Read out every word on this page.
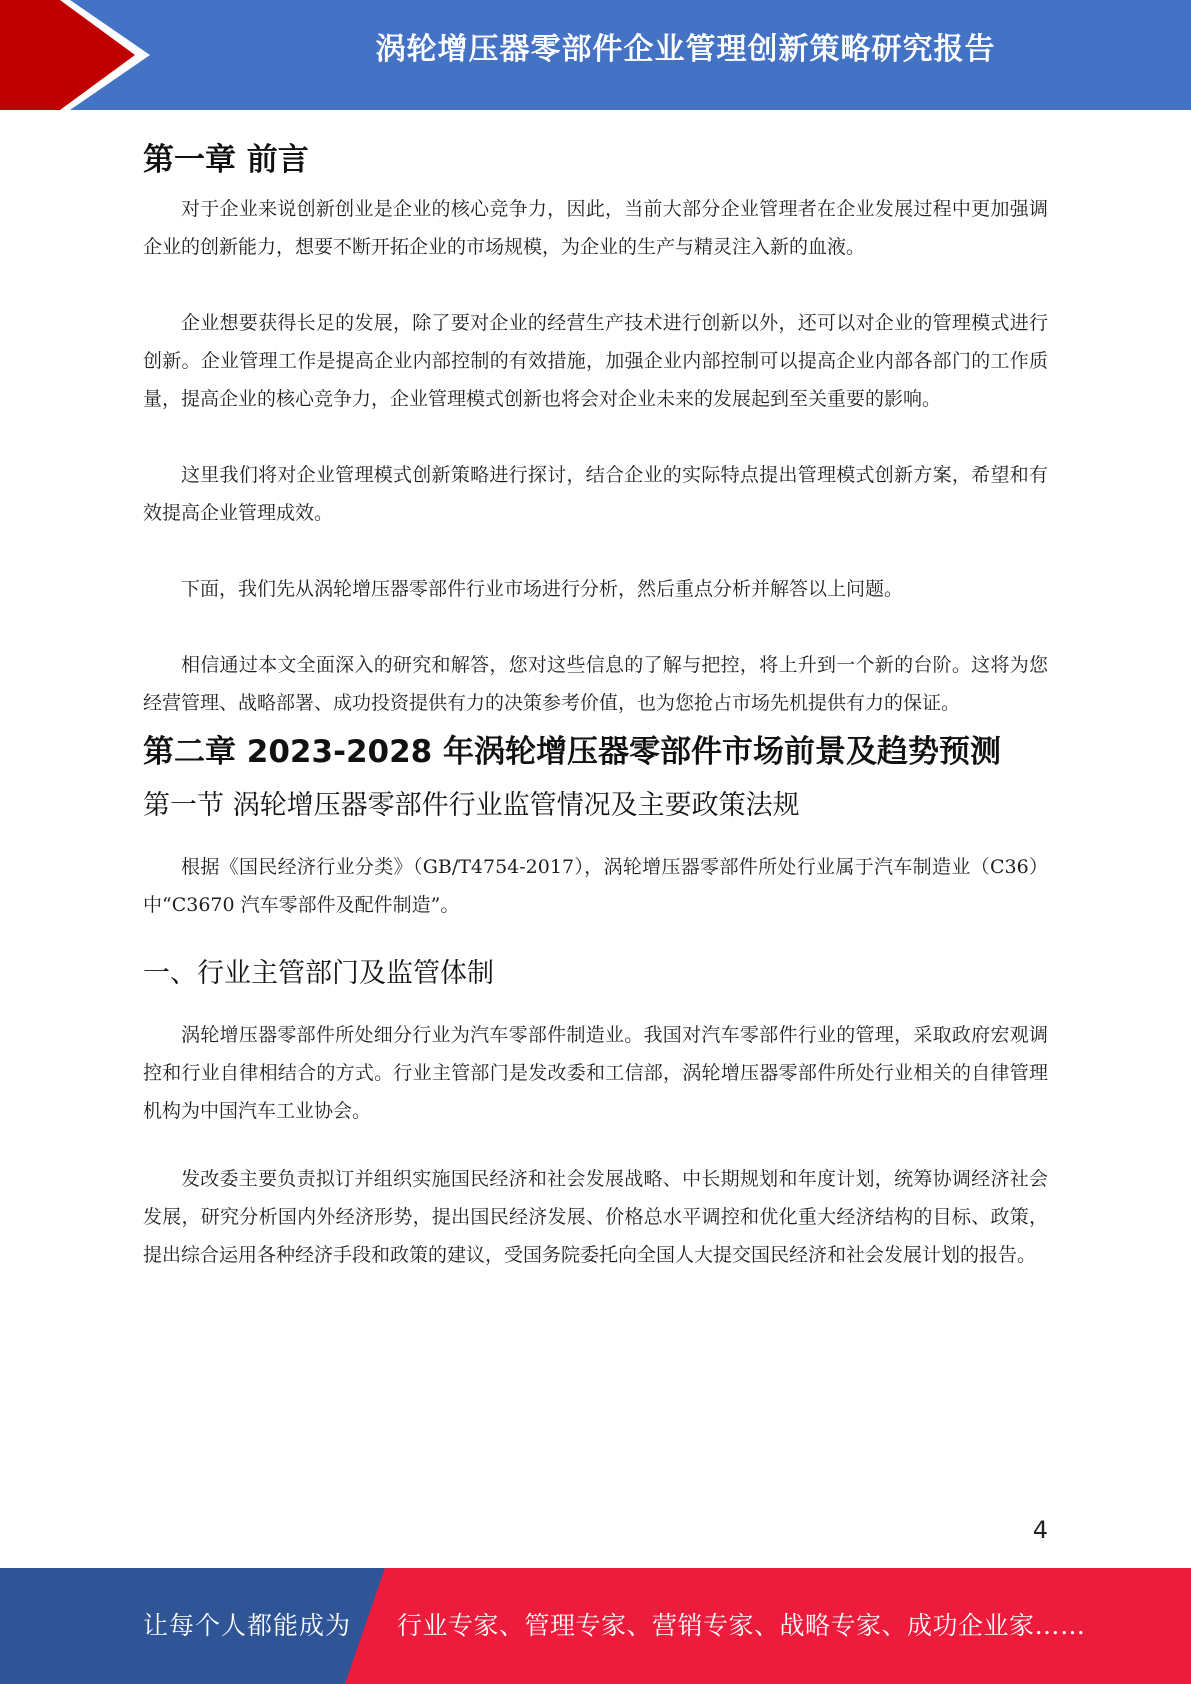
涡轮增压器零部件企业管理创新策略研究报告
第一章 前言

对于企业来说创新创业是企业的核心竞争力，因此，当前大部分企业管理者在企业发展过程中更加强调企业的创新能力，想要不断开拓企业的市场规模，为企业的生产与精灵注入新的血液。

企业想要获得长足的发展，除了要对企业的经营生产技术进行创新以外，还可以对企业的管理模式进行创新。企业管理工作是提高企业内部控制的有效措施，加强企业内部控制可以提高企业内部各部门的工作质量，提高企业的核心竞争力，企业管理模式创新也将会对企业未来的发展起到至关重要的影响。

这里我们将对企业管理模式创新策略进行探讨，结合企业的实际特点提出管理模式创新方案，希望和有效提高企业管理成效。

下面，我们先从涡轮增压器零部件行业市场进行分析，然后重点分析并解答以上问题。

相信通过本文全面深入的研究和解答，您对这些信息的了解与把控，将上升到一个新的台阶。这将为您经营管理、战略部署、成功投资提供有力的决策参考价值，也为您抢占市场先机提供有力的保证。

第二章 2023-2028 年涡轮增压器零部件市场前景及趋势预测
第一节 涡轮增压器零部件行业监管情况及主要政策法规

根据《国民经济行业分类》（GB/T4754-2017），涡轮增压器零部件所处行业属于汽车制造业（C36）中“C3670 汽车零部件及配件制造”。

一、行业主管部门及监管体制

涡轮增压器零部件所处细分行业为汽车零部件制造业。我国对汽车零部件行业的管理，采取政府宏观调控和行业自律相结合的方式。行业主管部门是发改委和工信部，涡轮增压器零部件所处行业相关的自律管理机构为中国汽车工业协会。

发改委主要负责拟订并组织实施国民经济和社会发展战略、中长期规划和年度计划，统筹协调经济社会发展，研究分析国内外经济形势，提出国民经济发展、价格总水平调控和优化重大经济结构的目标、政策，提出综合运用各种经济手段和政策的建议，受国务院委托向全国人大提交国民经济和社会发展计划的报告。

4
让每个人都能成为 行业专家、管理专家、营销专家、战略专家、成功企业家……
